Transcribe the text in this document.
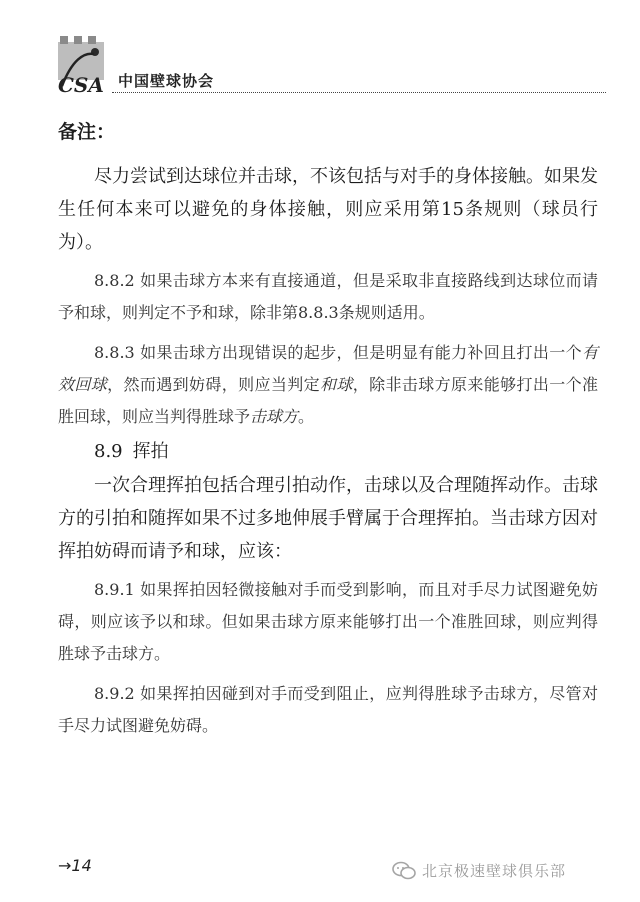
CSA 中国壁球协会
备注：

尽力尝试到达球位并击球，不该包括与对手的身体接触。如果发生任何本来可以避免的身体接触，则应采用第15条规则（球员行为）。

8.8.2 如果击球方本来有直接通道，但是采取非直接路线到达球位而请予和球，则判定不予和球，除非第8.8.3条规则适用。

8.8.3 如果击球方出现错误的起步，但是明显有能力补回且打出一个有效回球，然而遇到妨碍，则应当判定和球，除非击球方原来能够打出一个准胜回球，则应当判得胜球予击球方。

8.9 挥拍

一次合理挥拍包括合理引拍动作，击球以及合理随挥动作。击球方的引拍和随挥如果不过多地伸展手臂属于合理挥拍。当击球方因对挥拍妨碍而请予和球，应该：

8.9.1 如果挥拍因轻微接触对手而受到影响，而且对手尽力试图避免妨碍，则应该予以和球。但如果击球方原来能够打出一个准胜回球，则应判得胜球予击球方。

8.9.2 如果挥拍因碰到对手而受到阻止，应判得胜球予击球方，尽管对手尽力试图避免妨碍。

→14	北京极速壁球俱乐部
